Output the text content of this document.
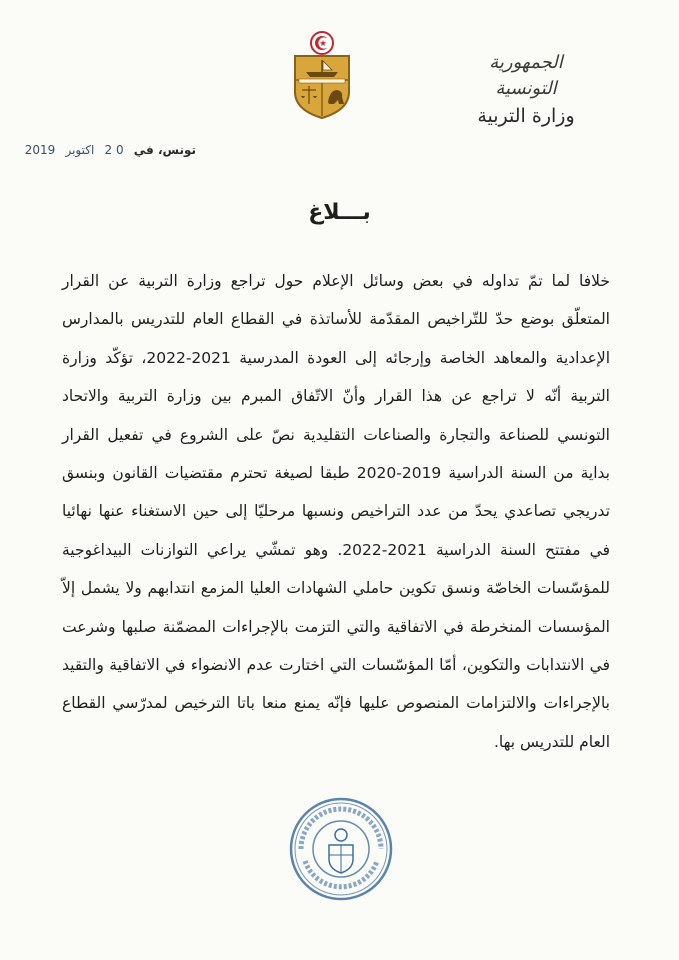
الجمهورية التونسية
وزارة التربية
تونس، في 0 2 اكتوبر 2019
بـــلاغ

خلافا لما تمّ تداوله في بعض وسائل الإعلام حول تراجع وزارة التربية عن القرار المتعلّق بوضع حدّ للتّراخيص المقدّمة للأساتذة في القطاع العام للتدريس بالمدارس الإعدادية والمعاهد الخاصة وإرجائه إلى العودة المدرسية 2021-2022، تؤكّد وزارة التربية أنّه لا تراجع عن هذا القرار وأنّ الاتّفاق المبرم بين وزارة التربية والاتحاد التونسي للصناعة والتجارة والصناعات التقليدية نصّ على الشروع في تفعيل القرار بداية من السنة الدراسية 2019-2020 طبقا لصيغة تحترم مقتضيات القانون وبنسق تدريجي تصاعدي يحدّ من عدد التراخيص ونسبها مرحليّا إلى حين الاستغناء عنها نهائيا في مفتتح السنة الدراسية 2021-2022. وهو تمشّي يراعي التوازنات البيداغوجية للمؤسّسات الخاصّة ونسق تكوين حاملي الشهادات العليا المزمع انتدابهم ولا يشمل إلاّ المؤسسات المنخرطة في الاتفاقية والتي التزمت بالإجراءات المضمّنة صلبها وشرعت في الانتدابات والتكوين، أمّا المؤسّسات التي اختارت عدم الانضواء في الاتفاقية والتقيد بالإجراءات والالتزامات المنصوص عليها فإنّه يمنع منعا باتا الترخيص لمدرّسي القطاع العام للتدريس بها.
